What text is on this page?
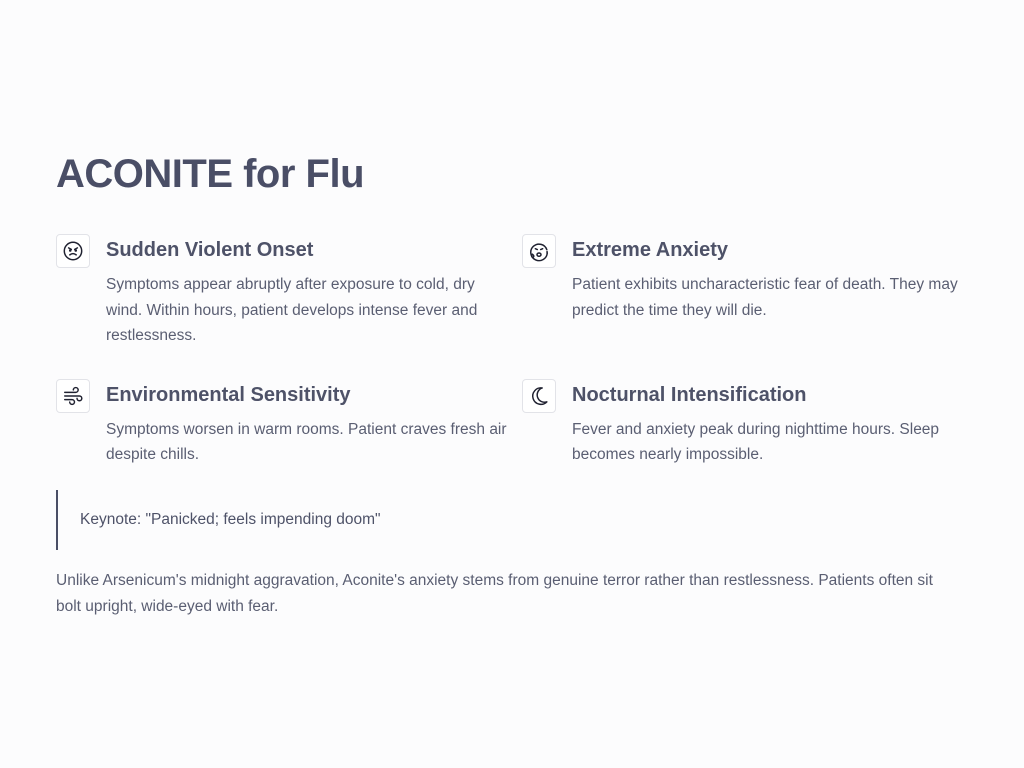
ACONITE for Flu
Sudden Violent Onset

Symptoms appear abruptly after exposure to cold, dry wind. Within hours, patient develops intense fever and restlessness.

Extreme Anxiety

Patient exhibits uncharacteristic fear of death. They may predict the time they will die.

Environmental Sensitivity

Symptoms worsen in warm rooms. Patient craves fresh air despite chills.

Nocturnal Intensification

Fever and anxiety peak during nighttime hours. Sleep becomes nearly impossible.

Keynote: "Panicked; feels impending doom"

Unlike Arsenicum's midnight aggravation, Aconite's anxiety stems from genuine terror rather than restlessness. Patients often sit bolt upright, wide-eyed with fear.
